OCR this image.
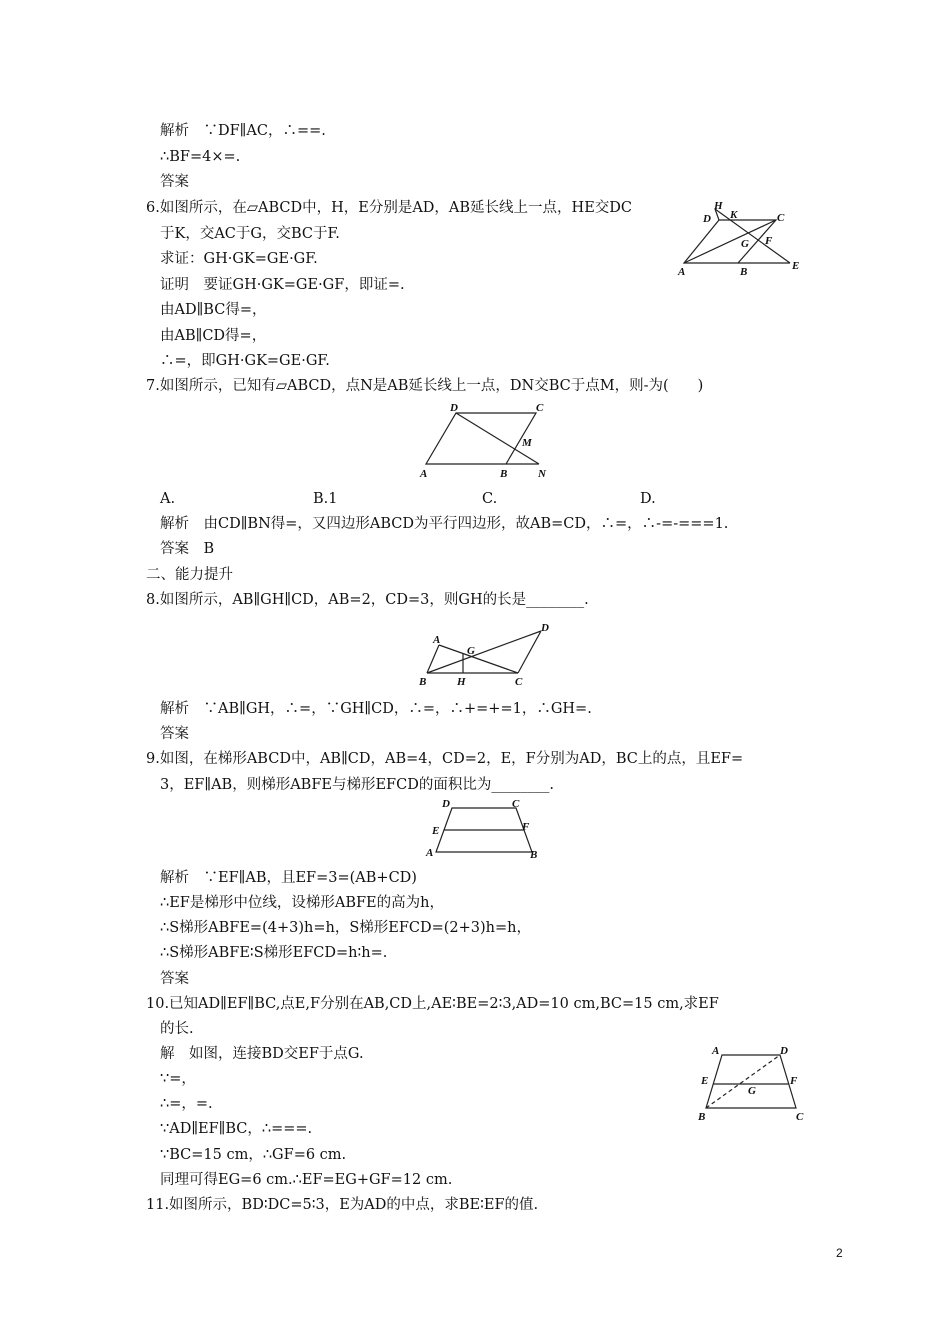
解析　∵DF∥AC，∴==.
∴BF=4×=.
答案
6.如图所示，在▱ABCD中，H，E分别是AD，AB延长线上一点，HE交DC
于K，交AC于G，交BC于F.
求证：GH·GK=GE·GF.
证明　要证GH·GK=GE·GF，即证=.
由AD∥BC得=，
由AB∥CD得=，
∴=，即GH·GK=GE·GF.
7.如图所示，已知有▱ABCD，点N是AB延长线上一点，DN交BC于点M，则-为(　　)
A.	B.1	C.	D.
解析　由CD∥BN得=，又四边形ABCD为平行四边形，故AB=CD，∴=，∴-=-===1.
答案　B
二、能力提升
8.如图所示，AB∥GH∥CD，AB=2，CD=3，则GH的长是________.
解析　∵AB∥GH，∴=，∵GH∥CD，∴=，∴+=+=1，∴GH=.
答案
9.如图，在梯形ABCD中，AB∥CD，AB=4，CD=2，E，F分别为AD，BC上的点，且EF=
3，EF∥AB，则梯形ABFE与梯形EFCD的面积比为________.
解析　∵EF∥AB，且EF=3=(AB+CD)
∴EF是梯形中位线，设梯形ABFE的高为h，
∴S梯形ABFE=(4+3)h=h，S梯形EFCD=(2+3)h=h，
∴S梯形ABFE∶S梯形EFCD=h∶h=.
答案
10.已知AD∥EF∥BC,点E,F分别在AB,CD上,AE∶BE=2∶3,AD=10 cm,BC=15 cm,求EF
的长.
解　如图，连接BD交EF于点G.
∵=，
∴=，=.
∵AD∥EF∥BC，∴===.
∵BC=15 cm，∴GF=6 cm.
同理可得EG=6 cm.∴EF=EG+GF=12 cm.
11.如图所示，BD∶DC=5∶3，E为AD的中点，求BE∶EF的值.
D
H
K	C
G F
A	B	E
D	C
M
A	B	N
A
D
G
B	H	C
D	C
E	F
A	B
A	D
E	F
G
B	C
2
